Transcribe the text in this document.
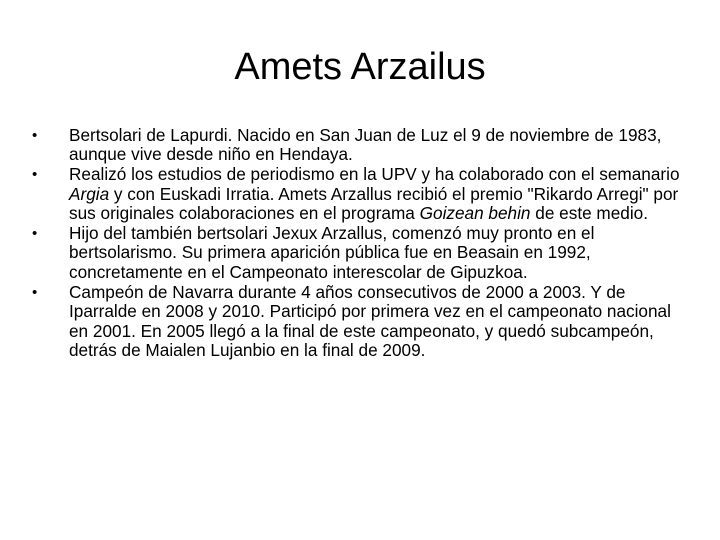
Amets Arzailus
• Bertsolari de Lapurdi. Nacido en San Juan de Luz el 9 de noviembre de 1983, aunque vive desde niño en Hendaya.
• Realizó los estudios de periodismo en la UPV y ha colaborado con el semanario Argia y con Euskadi Irratia. Amets Arzallus recibió el premio "Rikardo Arregi" por sus originales colaboraciones en el programa Goizean behin de este medio.
• Hijo del también bertsolari Jexux Arzallus, comenzó muy pronto en el bertsolarismo. Su primera aparición pública fue en Beasain en 1992, concretamente en el Campeonato interescolar de Gipuzkoa.
• Campeón de Navarra durante 4 años consecutivos de 2000 a 2003. Y de Iparralde en 2008 y 2010. Participó por primera vez en el campeonato nacional en 2001. En 2005 llegó a la final de este campeonato, y quedó subcampeón, detrás de Maialen Lujanbio en la final de 2009.
